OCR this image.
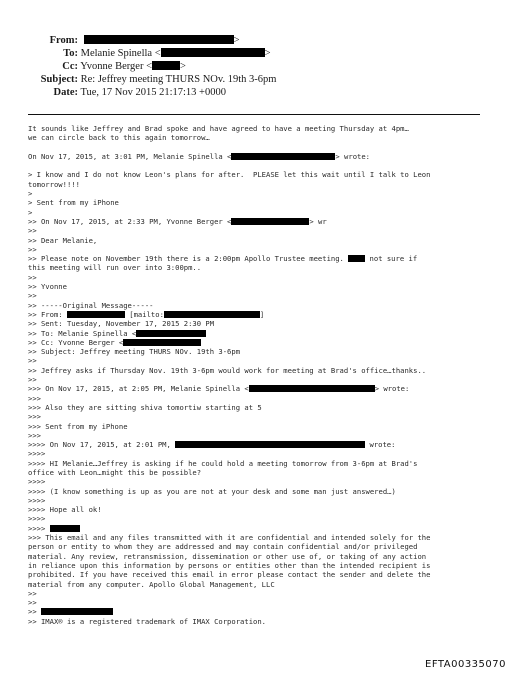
From:	>
To: Melanie Spinella <	>
Cc: Yvonne Berger <	>
Subject: Re: Jeffrey meeting THURS NOv. 19th 3-6pm
Date: Tue, 17 Nov 2015 21:17:13 +0000
It sounds like Jeffrey and Brad spoke and have agreed to have a meeting Thursday at 4pm…
we can circle back to this again tomorrow…
On Nov 17, 2015, at 3:01 PM, Melanie Spinella <	> wrote:
> I know and I do not know Leon's plans for after.  PLEASE let this wait until I talk to Leon
tomorrow!!!!
>
> Sent from my iPhone
>
>> On Nov 17, 2015, at 2:33 PM, Yvonne Berger <	> wr
>>
>> Dear Melanie,
>>
>> Please note on November 19th there is a 2:00pm Apollo Trustee meeting.  not sure if
this meeting will run over into 3:00pm..
>>
>> Yvonne
>>
>> -----Original Message-----
>> From:	[mailto:	]
>> Sent: Tuesday, November 17, 2015 2:30 PM
>> To: Melanie Spinella <
>> Cc: Yvonne Berger <
>> Subject: Jeffrey meeting THURS NOv. 19th 3-6pm
>>
>> Jeffrey asks if Thursday Nov. 19th 3-6pm would work for meeting at Brad's office…thanks..
>>
>>> On Nov 17, 2015, at 2:05 PM, Melanie Spinella <	> wrote:
>>>
>>> Also they are sitting shiva tomortiw starting at 5
>>>
>>> Sent from my iPhone
>>>
>>>> On Nov 17, 2015, at 2:01 PM,	wrote:
>>>>
>>>> HI Melanie…Jeffrey is asking if he could hold a meeting tomorrow from 3-6pm at Brad's
office with Leon…might this be possible?
>>>>
>>>> (I know something is up as you are not at your desk and some man just answered…)
>>>>
>>>> Hope all ok!
>>>>
>>>>
>>> This email and any files transmitted with it are confidential and intended solely for the
person or entity to whom they are addressed and may contain confidential and/or privileged
material. Any review, retransmission, dissemination or other use of, or taking of any action
in reliance upon this information by persons or entities other than the intended recipient is
prohibited. If you have received this email in error please contact the sender and delete the
material from any computer. Apollo Global Management, LLC
>>
>>
>>
>> IMAX® is a registered trademark of IMAX Corporation.
EFTA00335070
